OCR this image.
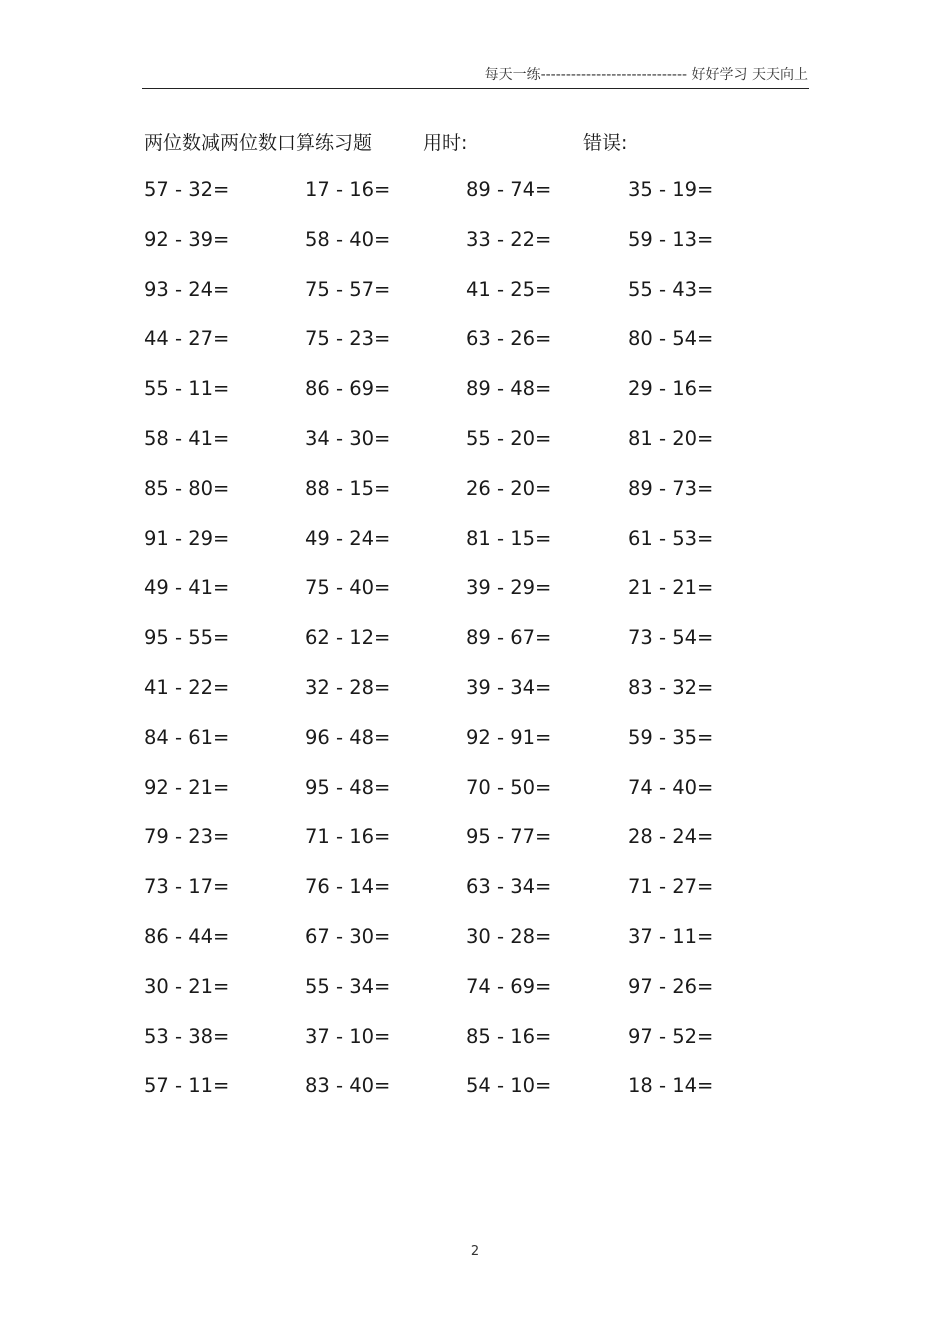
每天一练----------------------------- 好好学习 天天向上
两位数减两位数口算练习题	用时:	错误:
57 - 32=	17 - 16=	89 - 74=	35 - 19=
92 - 39=	58 - 40=	33 - 22=	59 - 13=
93 - 24=	75 - 57=	41 - 25=	55 - 43=
44 - 27=	75 - 23=	63 - 26=	80 - 54=
55 - 11=	86 - 69=	89 - 48=	29 - 16=
58 - 41=	34 - 30=	55 - 20=	81 - 20=
85 - 80=	88 - 15=	26 - 20=	89 - 73=
91 - 29=	49 - 24=	81 - 15=	61 - 53=
49 - 41=	75 - 40=	39 - 29=	21 - 21=
95 - 55=	62 - 12=	89 - 67=	73 - 54=
41 - 22=	32 - 28=	39 - 34=	83 - 32=
84 - 61=	96 - 48=	92 - 91=	59 - 35=
92 - 21=	95 - 48=	70 - 50=	74 - 40=
79 - 23=	71 - 16=	95 - 77=	28 - 24=
73 - 17=	76 - 14=	63 - 34=	71 - 27=
86 - 44=	67 - 30=	30 - 28=	37 - 11=
30 - 21=	55 - 34=	74 - 69=	97 - 26=
53 - 38=	37 - 10=	85 - 16=	97 - 52=
57 - 11=	83 - 40=	54 - 10=	18 - 14=
2
